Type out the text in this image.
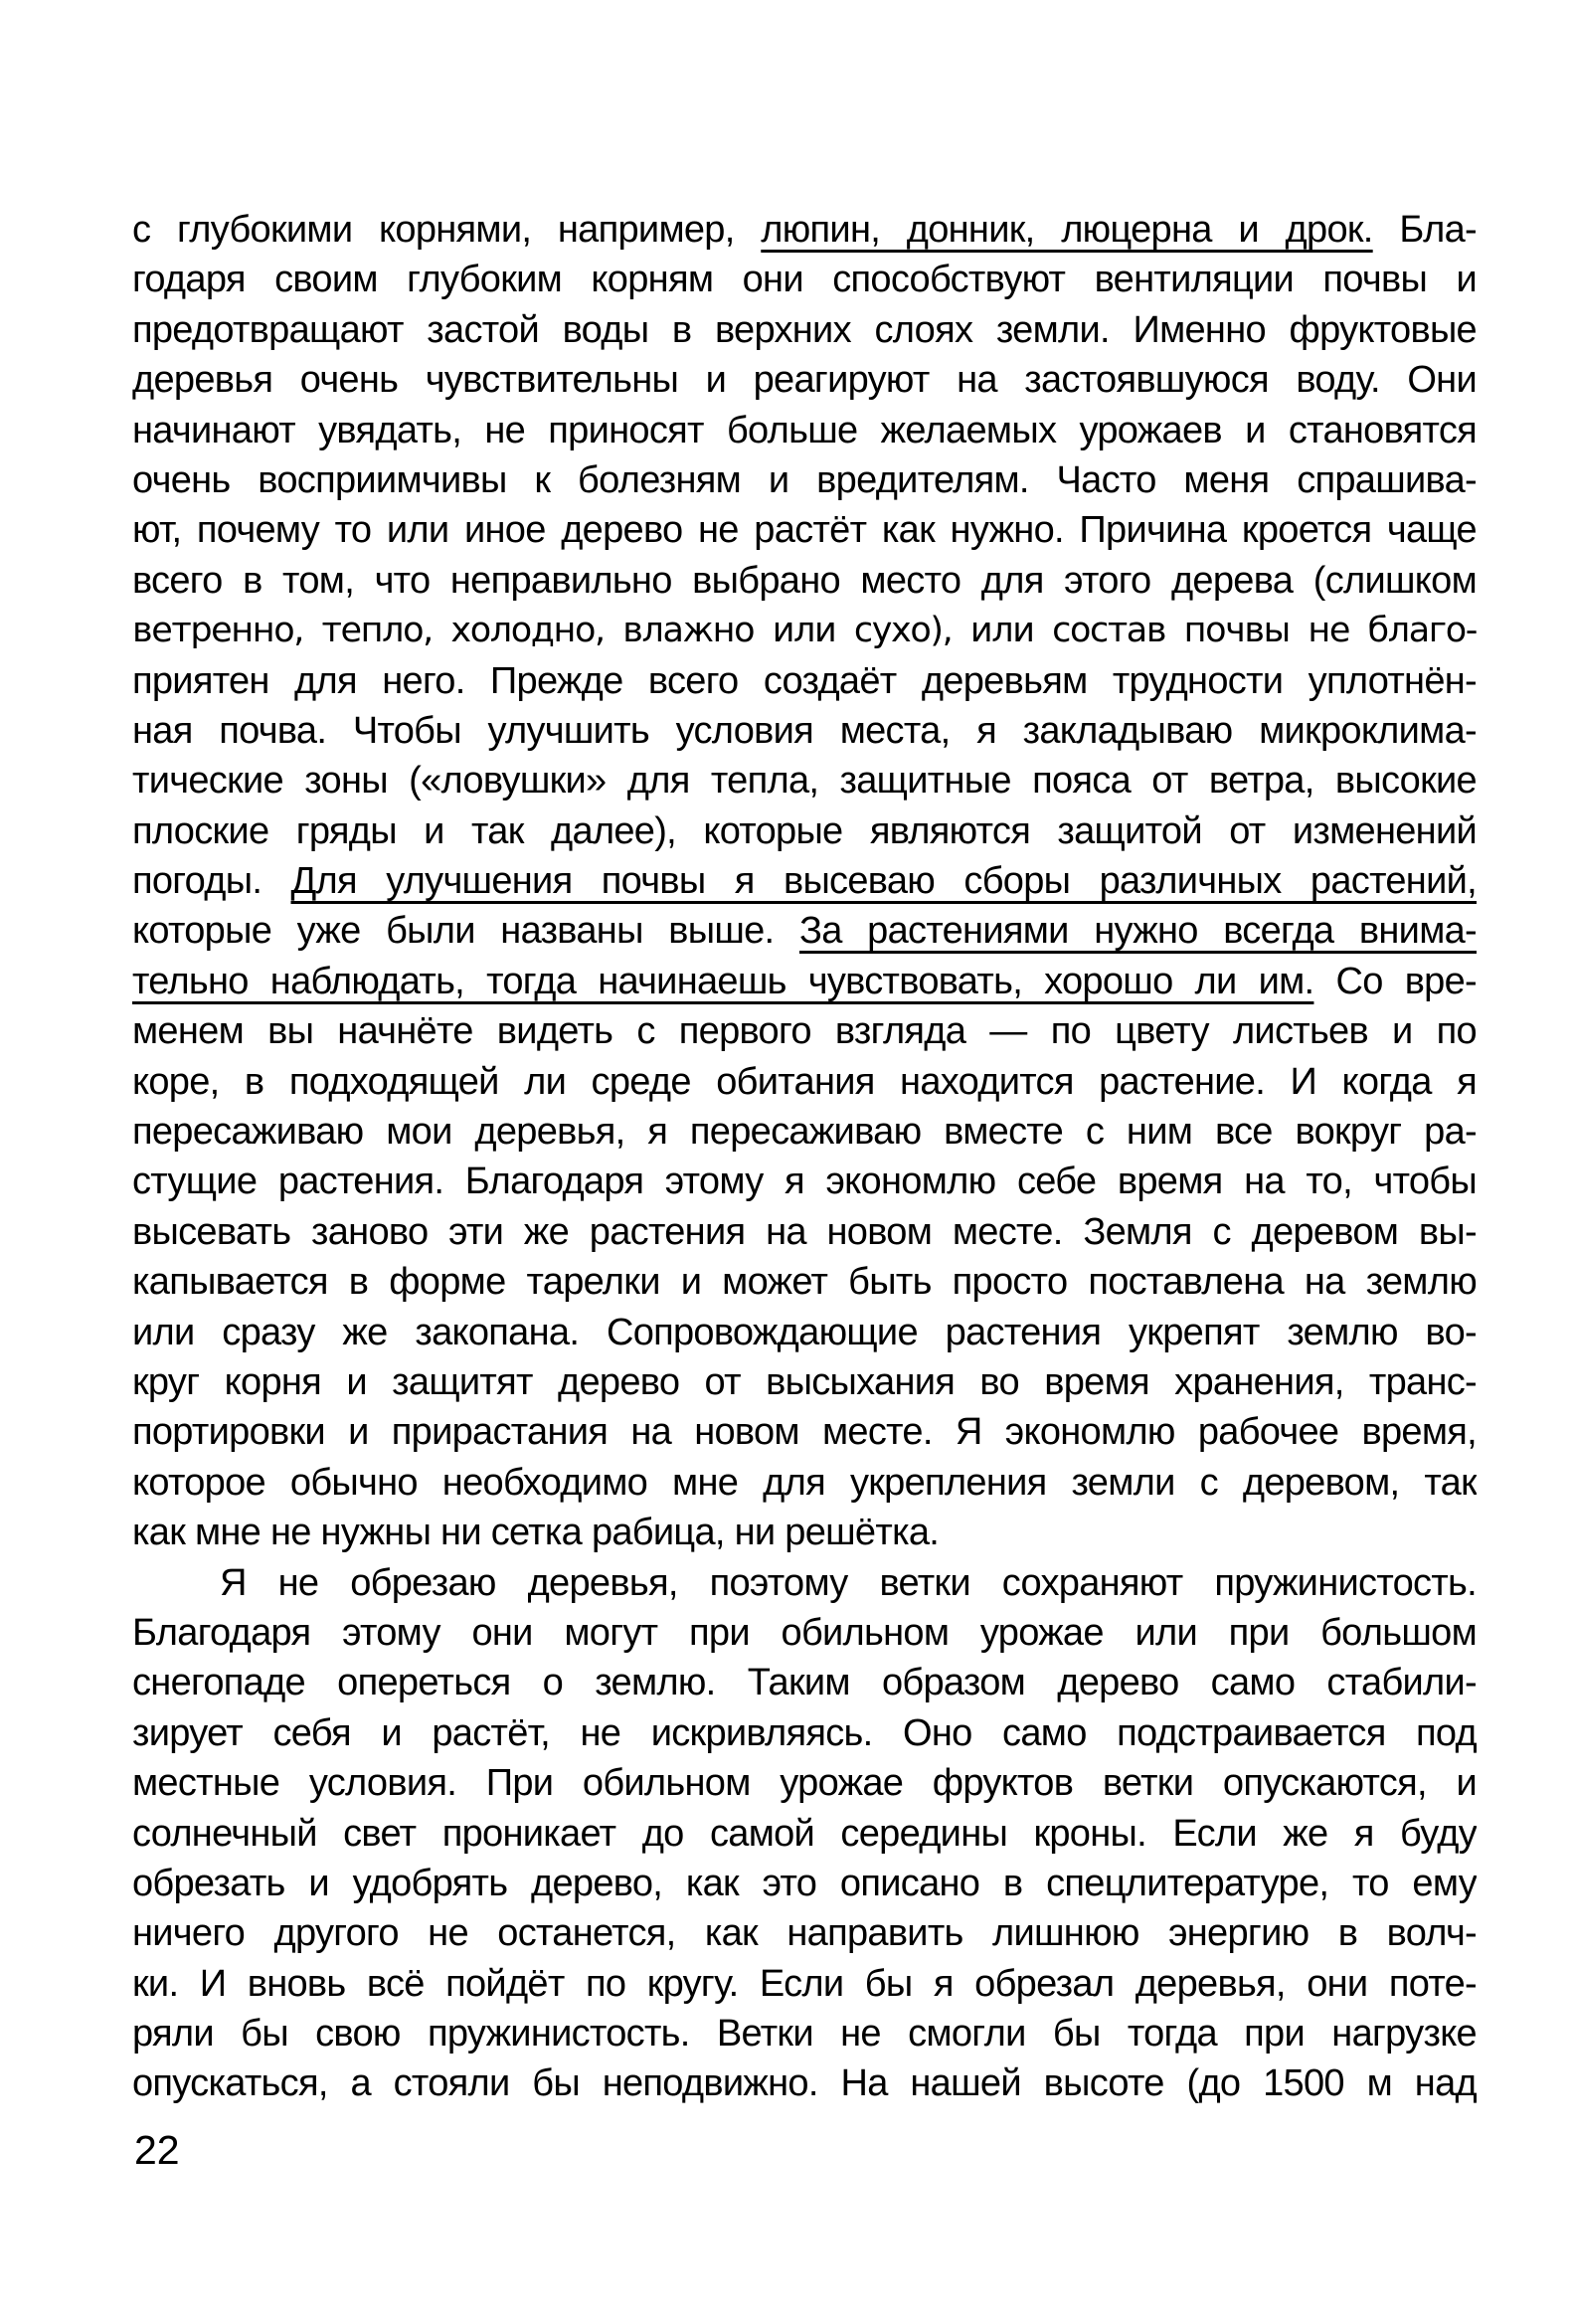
с глубокими корнями, например, люпин, донник, люцерна и дрок. Бла-
годаря своим глубоким корням они способствуют вентиляции почвы и
предотвращают застой воды в верхних слоях земли. Именно фруктовые
деревья очень чувствительны и реагируют на застоявшуюся воду. Они
начинают увядать, не приносят больше желаемых урожаев и становятся
очень восприимчивы к болезням и вредителям. Часто меня спрашива-
ют, почему то или иное дерево не растёт как нужно. Причина кроется чаще
всего в том, что неправильно выбрано место для этого дерева (слишком
ветренно, тепло, холодно, влажно или сухо), или состав почвы не благо-
приятен для него. Прежде всего создаёт деревьям трудности уплотнён-
ная почва. Чтобы улучшить условия места, я закладываю микроклима-
тические зоны («ловушки» для тепла, защитные пояса от ветра, высокие
плоские гряды и так далее), которые являются защитой от изменений
погоды. Для улучшения почвы я высеваю сборы различных растений,
которые уже были названы выше. За растениями нужно всегда внима-
тельно наблюдать, тогда начинаешь чувствовать, хорошо ли им. Со вре-
менем вы начнёте видеть с первого взгляда — по цвету листьев и по
коре, в подходящей ли среде обитания находится растение. И когда я
пересаживаю мои деревья, я пересаживаю вместе с ним все вокруг ра-
стущие растения. Благодаря этому я экономлю себе время на то, чтобы
высевать заново эти же растения на новом месте. Земля с деревом вы-
капывается в форме тарелки и может быть просто поставлена на землю
или сразу же закопана. Сопровождающие растения укрепят землю во-
круг корня и защитят дерево от высыхания во время хранения, транс-
портировки и прирастания на новом месте. Я экономлю рабочее время,
которое обычно необходимо мне для укрепления земли с деревом, так
как мне не нужны ни сетка рабица, ни решётка.
Я не обрезаю деревья, поэтому ветки сохраняют пружинистость.
Благодаря этому они могут при обильном урожае или при большом
снегопаде опереться о землю. Таким образом дерево само стабили-
зирует себя и растёт, не искривляясь. Оно само подстраивается под
местные условия. При обильном урожае фруктов ветки опускаются, и
солнечный свет проникает до самой середины кроны. Если же я буду
обрезать и удобрять дерево, как это описано в спецлитературе, то ему
ничего другого не останется, как направить лишнюю энергию в волч-
ки. И вновь всё пойдёт по кругу. Если бы я обрезал деревья, они поте-
ряли бы свою пружинистость. Ветки не смогли бы тогда при нагрузке
опускаться, а стояли бы неподвижно. На нашей высоте (до 1500 м над
22
